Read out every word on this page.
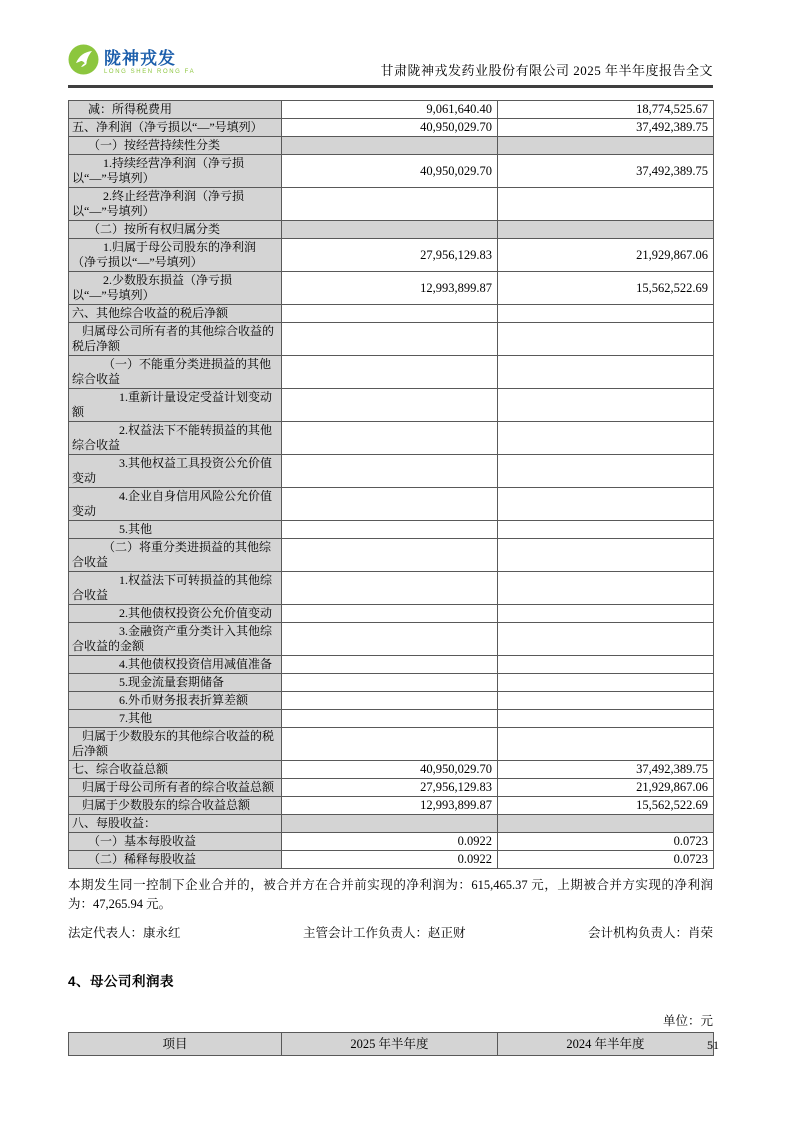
陇神戎发
LONG SHEN RONG FA	甘肃陇神戎发药业股份有限公司 2025 年半年度报告全文
减：所得税费用	9,061,640.40	18,774,525.67
五、净利润（净亏损以“—”号填列）	40,950,029.70	37,492,389.75
（一）按经营持续性分类		
1.持续经营净利润（净亏损以“—”号填列）	40,950,029.70	37,492,389.75
2.终止经营净利润（净亏损以“—”号填列）		
（二）按所有权归属分类		
1.归属于母公司股东的净利润（净亏损以“—”号填列）	27,956,129.83	21,929,867.06
2.少数股东损益（净亏损以“—”号填列）	12,993,899.87	15,562,522.69
六、其他综合收益的税后净额		
归属母公司所有者的其他综合收益的税后净额		
（一）不能重分类进损益的其他综合收益		
1.重新计量设定受益计划变动额		
2.权益法下不能转损益的其他综合收益		
3.其他权益工具投资公允价值变动		
4.企业自身信用风险公允价值变动		
5.其他		
（二）将重分类进损益的其他综合收益		
1.权益法下可转损益的其他综合收益		
2.其他债权投资公允价值变动		
3.金融资产重分类计入其他综合收益的金额		
4.其他债权投资信用减值准备		
5.现金流量套期储备		
6.外币财务报表折算差额		
7.其他		
归属于少数股东的其他综合收益的税后净额		
七、综合收益总额	40,950,029.70	37,492,389.75
归属于母公司所有者的综合收益总额	27,956,129.83	21,929,867.06
归属于少数股东的综合收益总额	12,993,899.87	15,562,522.69
八、每股收益：		
（一）基本每股收益	0.0922	0.0723
（二）稀释每股收益	0.0922	0.0723
本期发生同一控制下企业合并的，被合并方在合并前实现的净利润为：615,465.37 元，上期被合并方实现的净利润为：47,265.94 元。
法定代表人：康永红	主管会计工作负责人：赵正财	会计机构负责人：肖荣
4、母公司利润表
单位：元
项目	2025 年半年度	2024 年半年度	51
